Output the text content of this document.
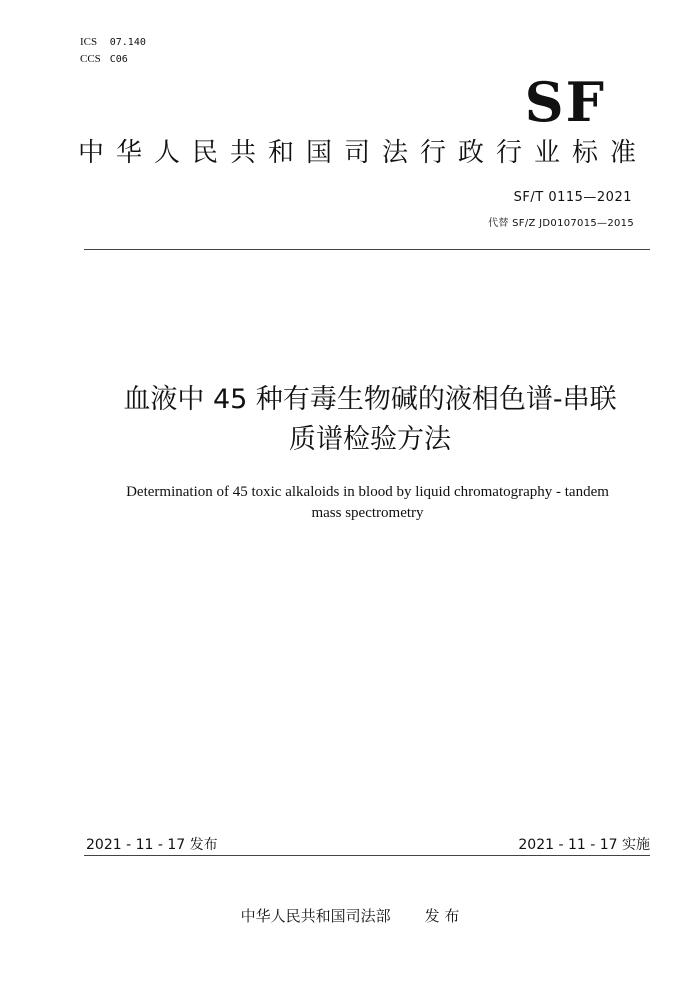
ICS 07.140
CCS C06
SF
中华人民共和国司法行政行业标准
SF/T 0115—2021
代替 SF/Z JD0107015—2015
血液中 45 种有毒生物碱的液相色谱-串联
质谱检验方法
Determination of 45 toxic alkaloids in blood by liquid chromatography - tandem
mass spectrometry
2021 - 11 - 17 发布	2021 - 11 - 17 实施
中华人民共和国司法部 发 布
